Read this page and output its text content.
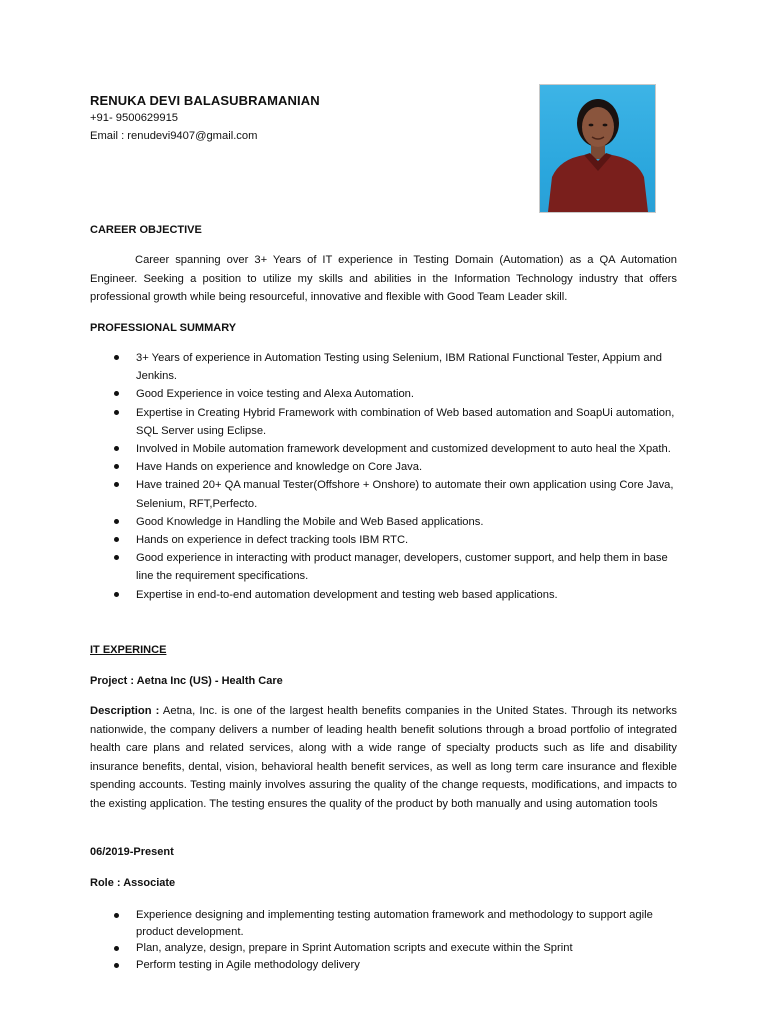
RENUKA DEVI BALASUBRAMANIAN
+91- 9500629915
Email : renudevi9407@gmail.com
CAREER OBJECTIVE
Career spanning over 3+ Years of IT experience in Testing Domain (Automation) as a QA Automation Engineer. Seeking a position to utilize my skills and abilities in the Information Technology industry that offers professional growth while being resourceful, innovative and flexible with Good Team Leader skill.
PROFESSIONAL SUMMARY
3+ Years of experience in Automation Testing using Selenium, IBM Rational Functional Tester, Appium and Jenkins.
Good Experience in voice testing and Alexa Automation.
Expertise in Creating Hybrid Framework with combination of Web based automation and SoapUi automation, SQL Server using Eclipse.
Involved in Mobile automation framework development and customized development to auto heal the Xpath.
Have Hands on experience and knowledge on Core Java.
Have trained 20+ QA manual Tester(Offshore + Onshore) to automate their own application using Core Java, Selenium, RFT,Perfecto.
Good Knowledge in Handling the Mobile and Web Based applications.
Hands on experience in defect tracking tools IBM RTC.
Good experience in interacting with product manager, developers, customer support, and help them in base line the requirement specifications.
Expertise in end-to-end automation development and testing web based applications.
IT EXPERINCE
Project : Aetna Inc (US) - Health Care
Description : Aetna, Inc. is one of the largest health benefits companies in the United States. Through its networks nationwide, the company delivers a number of leading health benefit solutions through a broad portfolio of integrated health care plans and related services, along with a wide range of specialty products such as life and disability insurance benefits, dental, vision, behavioral health benefit services, as well as long term care insurance and flexible spending accounts. Testing mainly involves assuring the quality of the change requests, modifications, and impacts to the existing application. The testing ensures the quality of the product by both manually and using automation tools
06/2019-Present
Role : Associate
Experience designing and implementing testing automation framework and methodology to support agile product development.
Plan, analyze, design, prepare in Sprint Automation scripts and execute within the Sprint
Perform testing in Agile methodology delivery
